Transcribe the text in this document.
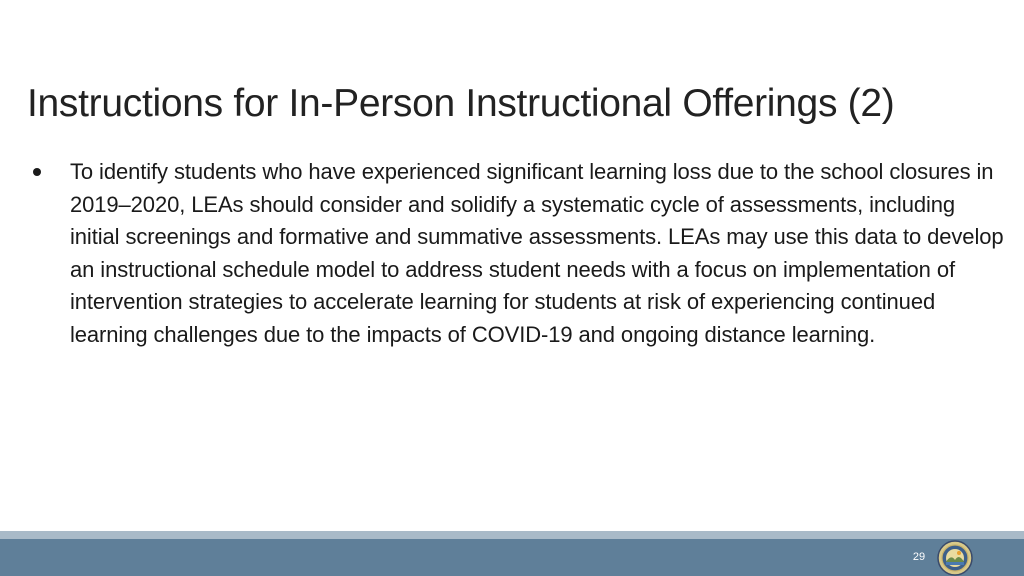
Instructions for In-Person Instructional Offerings (2)
To identify students who have experienced significant learning loss due to the school closures in 2019–2020, LEAs should consider and solidify a systematic cycle of assessments, including initial screenings and formative and summative assessments. LEAs may use this data to develop an instructional schedule model to address student needs with a focus on implementation of intervention strategies to accelerate learning for students at risk of experiencing continued learning challenges due to the impacts of COVID-19 and ongoing distance learning.
29
